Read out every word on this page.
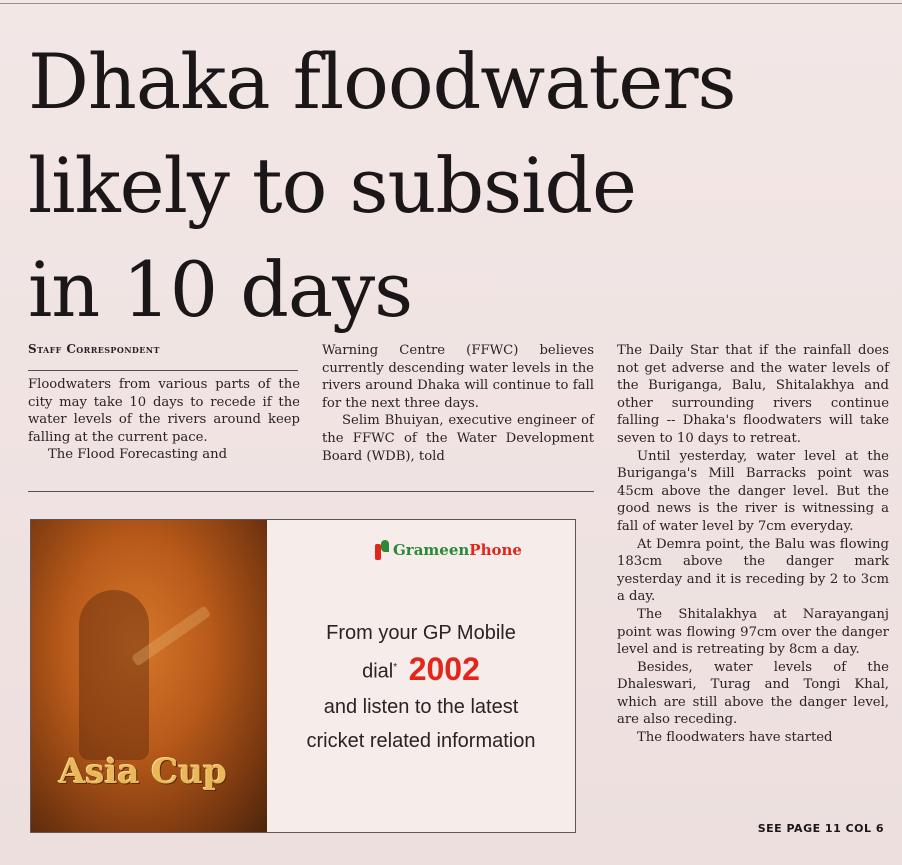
Dhaka floodwaters
likely to subside
in 10 days
Staff Correspondent

Floodwaters from various parts of the city may take 10 days to recede if the water levels of the rivers around keep falling at the current pace.

The Flood Forecasting and

Warning Centre (FFWC) believes currently descending water levels in the rivers around Dhaka will continue to fall for the next three days.

Selim Bhuiyan, executive engineer of the FFWC of the Water Development Board (WDB), told

The Daily Star that if the rainfall does not get adverse and the water levels of the Buriganga, Balu, Shitalakhya and other surrounding rivers continue falling -- Dhaka's floodwaters will take seven to 10 days to retreat.

Until yesterday, water level at the Buriganga's Mill Barracks point was 45cm above the danger level. But the good news is the river is witnessing a fall of water level by 7cm everyday.

At Demra point, the Balu was flowing 183cm above the danger mark yesterday and it is receding by 2 to 3cm a day.

The Shitalakhya at Narayanganj point was flowing 97cm over the danger level and is retreating by 8cm a day.

Besides, water levels of the Dhaleswari, Turag and Tongi Khal, which are still above the danger level, are also receding.

The floodwaters have started

SEE PAGE 11 COL 6
Asia Cup
GrameenPhone
From your GP Mobile
dial* 2002
and listen to the latest
cricket related information
